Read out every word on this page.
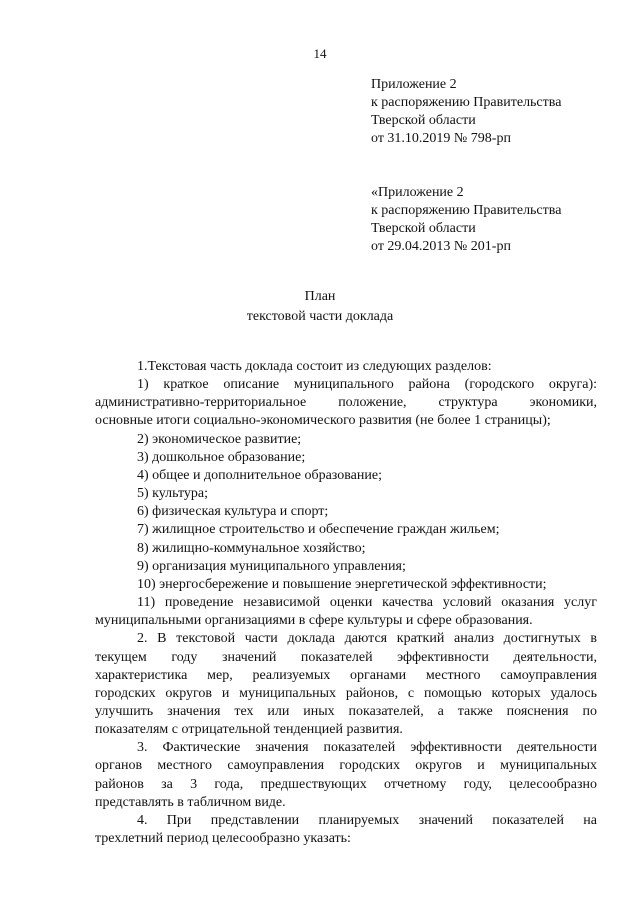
14
Приложение 2
к распоряжению Правительства
Тверской области
от 31.10.2019 № 798-рп
«Приложение 2
к распоряжению Правительства
Тверской области
от 29.04.2013 № 201-рп
План
текстовой части доклада
1.Текстовая часть доклада состоит из следующих разделов:
1) краткое описание муниципального района (городского округа):
административно-территориальное положение, структура экономики,
основные итоги социально-экономического развития (не более 1 страницы);
2) экономическое развитие;
3) дошкольное образование;
4) общее и дополнительное образование;
5) культура;
6) физическая культура и спорт;
7) жилищное строительство и обеспечение граждан жильем;
8) жилищно-коммунальное хозяйство;
9) организация муниципального управления;
10) энергосбережение и повышение энергетической эффективности;
11) проведение независимой оценки качества условий оказания услуг
муниципальными организациями в сфере культуры и сфере образования.
2. В текстовой части доклада даются краткий анализ достигнутых в
текущем году значений показателей эффективности деятельности,
характеристика мер, реализуемых органами местного самоуправления
городских округов и муниципальных районов, с помощью которых удалось
улучшить значения тех или иных показателей, а также пояснения по
показателям с отрицательной тенденцией развития.
3. Фактические значения показателей эффективности деятельности
органов местного самоуправления городских округов и муниципальных
районов за 3 года, предшествующих отчетному году, целесообразно
представлять в табличном виде.
4. При представлении планируемых значений показателей на
трехлетний период целесообразно указать:
